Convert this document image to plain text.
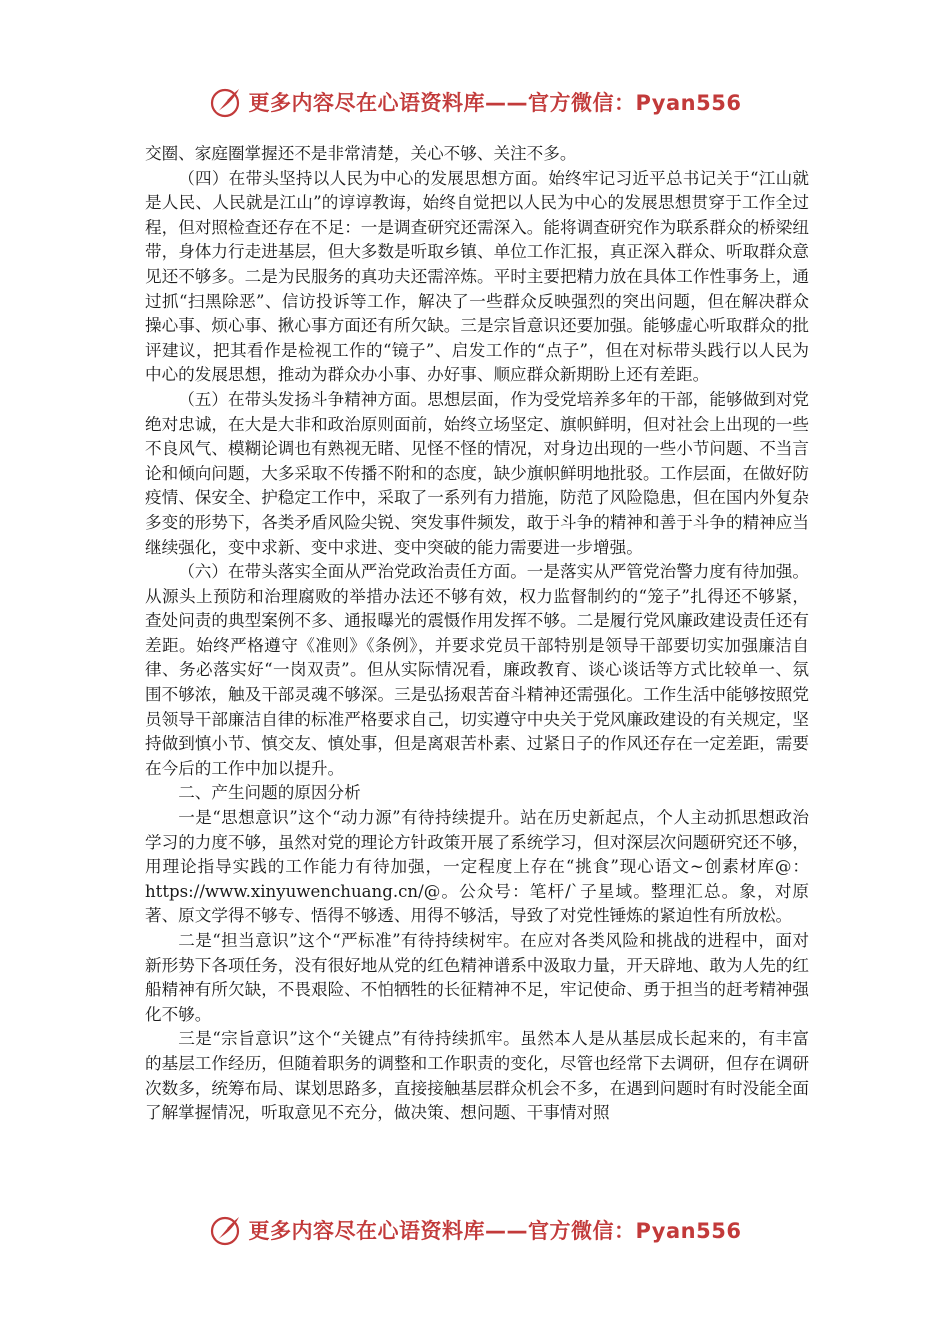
更多内容尽在心语资料库——官方微信：Pyan556

交圈、家庭圈掌握还不是非常清楚，关心不够、关注不多。

（四）在带头坚持以人民为中心的发展思想方面。始终牢记习近平总书记关于“江山就是人民、人民就是江山”的谆谆教诲，始终自觉把以人民为中心的发展思想贯穿于工作全过程，但对照检查还存在不足：一是调查研究还需深入。能将调查研究作为联系群众的桥梁纽带，身体力行走进基层，但大多数是听取乡镇、单位工作汇报，真正深入群众、听取群众意见还不够多。二是为民服务的真功夫还需淬炼。平时主要把精力放在具体工作性事务上，通过抓“扫黑除恶”、信访投诉等工作，解决了一些群众反映强烈的突出问题，但在解决群众操心事、烦心事、揪心事方面还有所欠缺。三是宗旨意识还要加强。能够虚心听取群众的批评建议，把其看作是检视工作的“镜子”、启发工作的“点子”，但在对标带头践行以人民为中心的发展思想，推动为群众办小事、办好事、顺应群众新期盼上还有差距。

（五）在带头发扬斗争精神方面。思想层面，作为受党培养多年的干部，能够做到对党绝对忠诚，在大是大非和政治原则面前，始终立场坚定、旗帜鲜明，但对社会上出现的一些不良风气、模糊论调也有熟视无睹、见怪不怪的情况，对身边出现的一些小节问题、不当言论和倾向问题，大多采取不传播不附和的态度，缺少旗帜鲜明地批驳。工作层面，在做好防疫情、保安全、护稳定工作中，采取了一系列有力措施，防范了风险隐患，但在国内外复杂多变的形势下，各类矛盾风险尖锐、突发事件频发，敢于斗争的精神和善于斗争的精神应当继续强化，变中求新、变中求进、变中突破的能力需要进一步增强。

（六）在带头落实全面从严治党政治责任方面。一是落实从严管党治警力度有待加强。从源头上预防和治理腐败的举措办法还不够有效，权力监督制约的“笼子”扎得还不够紧，查处问责的典型案例不多、通报曝光的震慑作用发挥不够。二是履行党风廉政建设责任还有差距。始终严格遵守《准则》《条例》，并要求党员干部特别是领导干部要切实加强廉洁自律、务必落实好“一岗双责”。但从实际情况看，廉政教育、谈心谈话等方式比较单一、氛围不够浓，触及干部灵魂不够深。三是弘扬艰苦奋斗精神还需强化。工作生活中能够按照党员领导干部廉洁自律的标准严格要求自己，切实遵守中央关于党风廉政建设的有关规定，坚持做到慎小节、慎交友、慎处事，但是离艰苦朴素、过紧日子的作风还存在一定差距，需要在今后的工作中加以提升。

二、产生问题的原因分析

一是“思想意识”这个“动力源”有待持续提升。站在历史新起点，个人主动抓思想政治学习的力度不够，虽然对党的理论方针政策开展了系统学习，但对深层次问题研究还不够，用理论指导实践的工作能力有待加强，一定程度上存在“挑食”现心语文~创素材库@：https://www.xinyuwenchuang.cn/@。公众号：笔杆/`子星域。整理汇总。象，对原著、原文学得不够专、悟得不够透、用得不够活，导致了对党性锤炼的紧迫性有所放松。

二是“担当意识”这个“严标准”有待持续树牢。在应对各类风险和挑战的进程中，面对新形势下各项任务，没有很好地从党的红色精神谱系中汲取力量，开天辟地、敢为人先的红船精神有所欠缺，不畏艰险、不怕牺牲的长征精神不足，牢记使命、勇于担当的赶考精神强化不够。

三是“宗旨意识”这个“关键点”有待持续抓牢。虽然本人是从基层成长起来的，有丰富的基层工作经历，但随着职务的调整和工作职责的变化，尽管也经常下去调研，但存在调研次数多，统筹布局、谋划思路多，直接接触基层群众机会不多，在遇到问题时有时没能全面了解掌握情况，听取意见不充分，做决策、想问题、干事情对照

更多内容尽在心语资料库——官方微信：Pyan556
